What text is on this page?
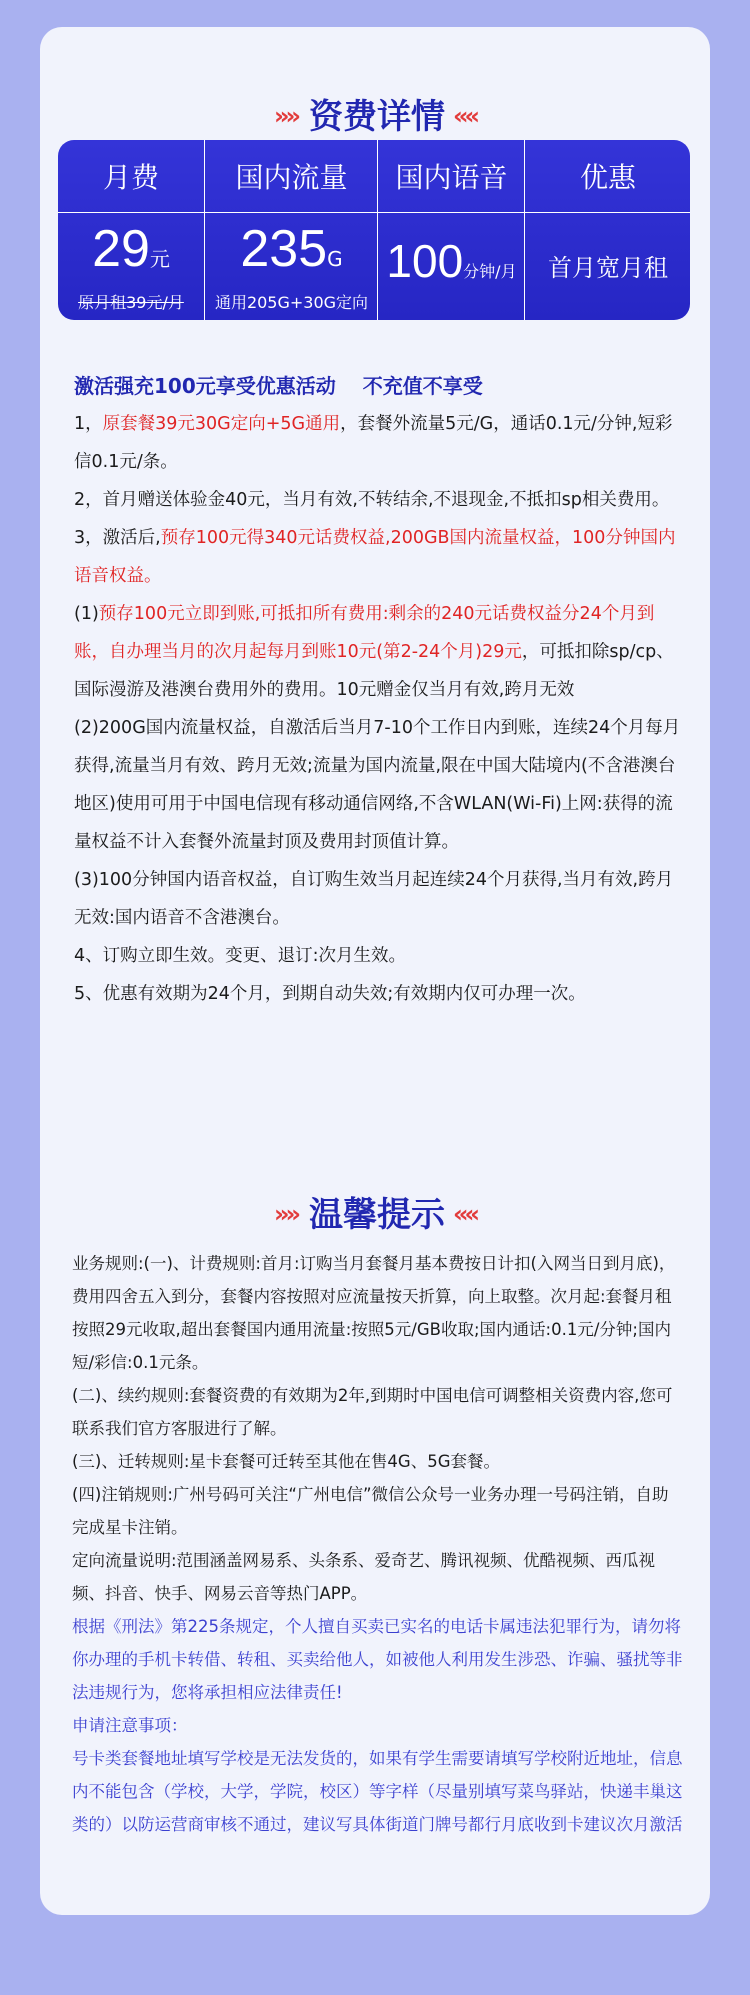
»» 资费详情 ««
月费
29元
原月租39元/月
国内流量
235G
通用205G+30G定向
国内语音
100分钟/月
优惠
首月宽月租

激活强充100元享受优惠活动　 不充值不享受

1，原套餐39元30G定向+5G通用，套餐外流量5元/G，通话0.1元/分钟,短彩信0.1元/条。

2，首月赠送体验金40元，当月有效,不转结余,不退现金,不抵扣sp相关费用。

3，激活后,预存100元得340元话费权益,200GB国内流量权益，100分钟国内语音权益。

(1)预存100元立即到账,可抵扣所有费用:剩余的240元话费权益分24个月到账，自办理当月的次月起每月到账10元(第2-24个月)29元，可抵扣除sp/cp、国际漫游及港澳台费用外的费用。10元赠金仅当月有效,跨月无效

(2)200G国内流量权益，自激活后当月7-10个工作日内到账，连续24个月每月获得,流量当月有效、跨月无效;流量为国内流量,限在中国大陆境内(不含港澳台地区)使用可用于中国电信现有移动通信网络,不含WLAN(Wi-Fi)上网:获得的流量权益不计入套餐外流量封顶及费用封顶值计算。

(3)100分钟国内语音权益，自订购生效当月起连续24个月获得,当月有效,跨月无效:国内语音不含港澳台。

4、订购立即生效。变更、退订:次月生效。

5、优惠有效期为24个月，到期自动失效;有效期内仅可办理一次。

»» 温馨提示 ««

业务规则:(一)、计费规则:首月:订购当月套餐月基本费按日计扣(入网当日到月底)，费用四舍五入到分，套餐内容按照对应流量按天折算，向上取整。次月起:套餐月租按照29元收取,超出套餐国内通用流量:按照5元/GB收取;国内通话:0.1元/分钟;国内短/彩信:0.1元条。

(二)、续约规则:套餐资费的有效期为2年,到期时中国电信可调整相关资费内容,您可联系我们官方客服进行了解。

(三)、迁转规则:星卡套餐可迁转至其他在售4G、5G套餐。

(四)注销规则:广州号码可关注“广州电信”微信公众号一业务办理一号码注销，自助完成星卡注销。

定向流量说明:范围涵盖网易系、头条系、爱奇艺、腾讯视频、优酷视频、西瓜视频、抖音、快手、网易云音等热门APP。

根据《刑法》第225条规定，个人擅自买卖已实名的电话卡属违法犯罪行为，请勿将你办理的手机卡转借、转租、买卖给他人，如被他人利用发生涉恐、诈骗、骚扰等非法违规行为，您将承担相应法律责任!

申请注意事项：

号卡类套餐地址填写学校是无法发货的，如果有学生需要请填写学校附近地址，信息内不能包含（学校，大学，学院，校区）等字样（尽量别填写菜鸟驿站，快递丰巢这类的）以防运营商审核不通过，建议写具体街道门牌号都行月底收到卡建议次月激活
